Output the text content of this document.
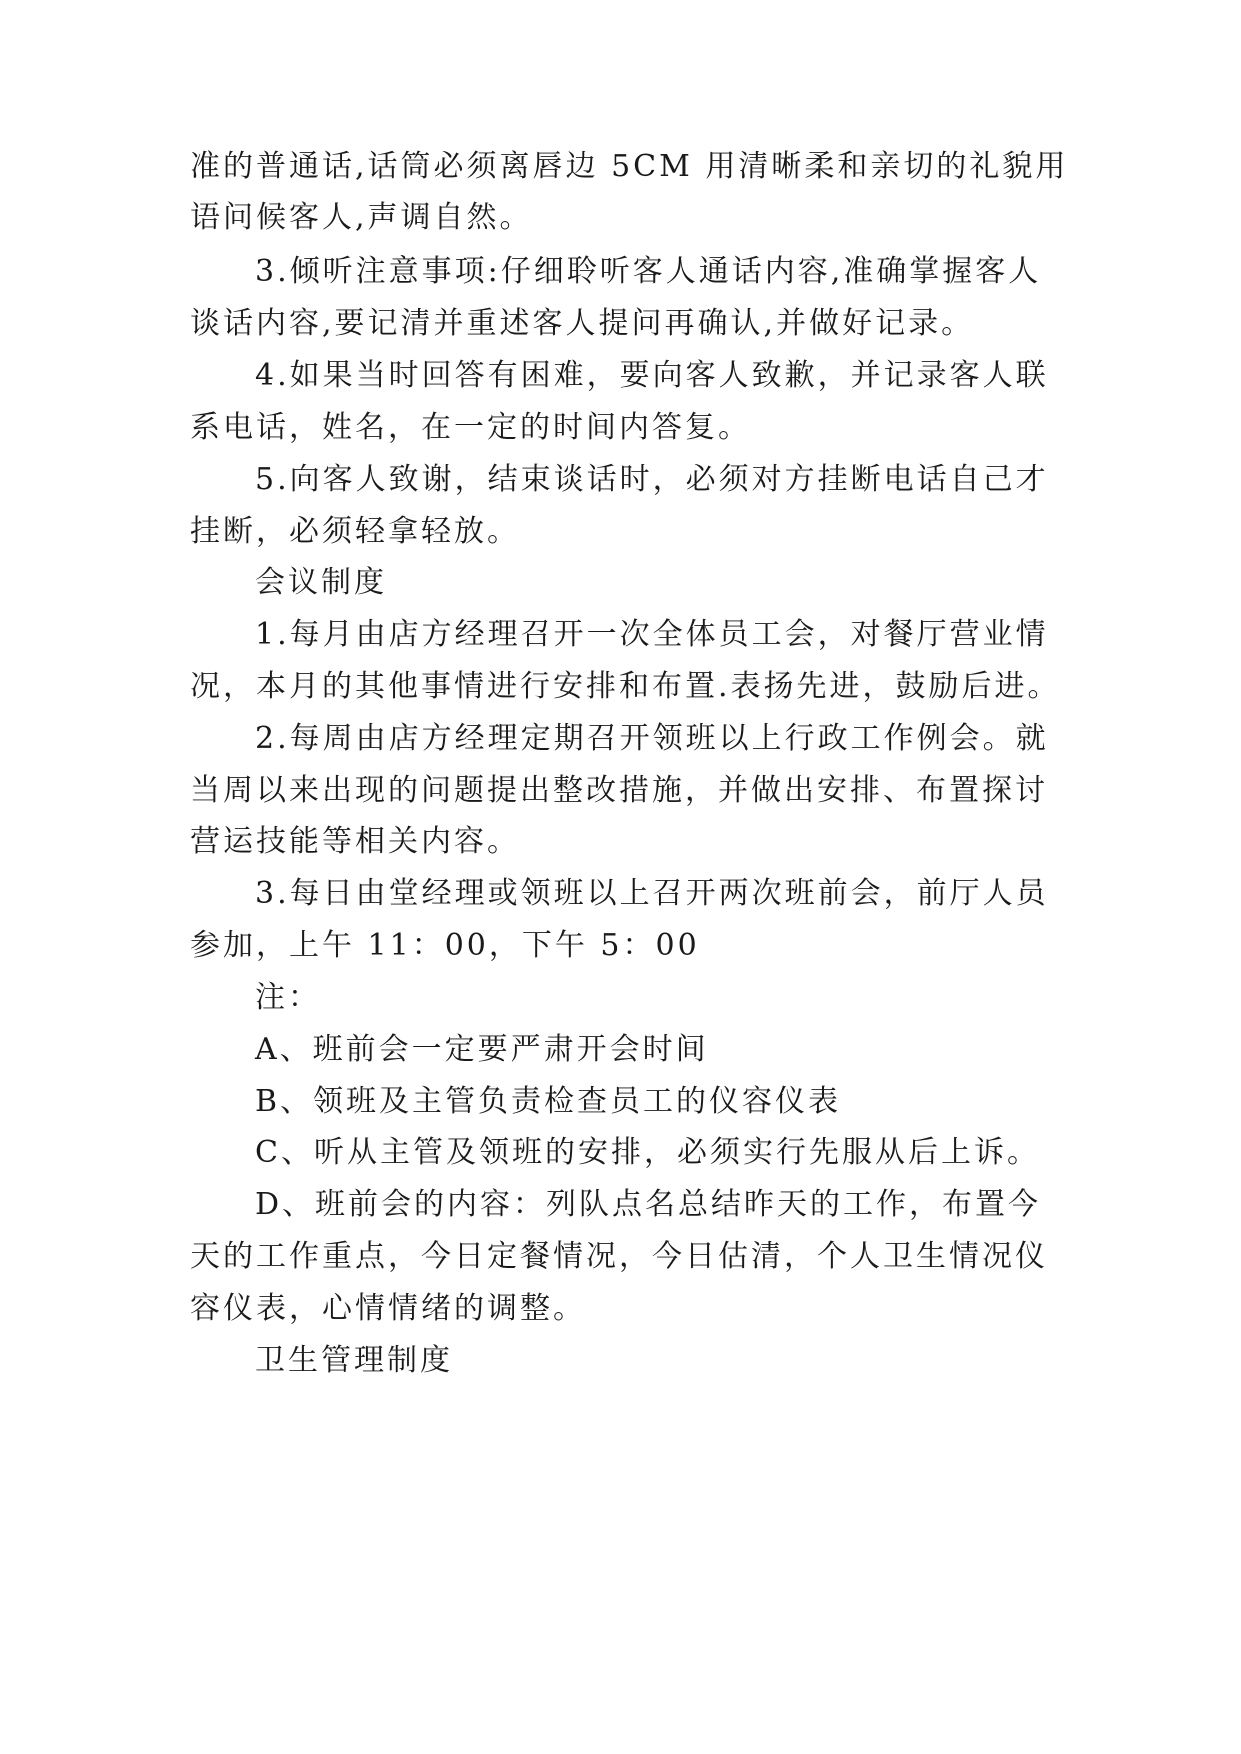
准的普通话,话筒必须离唇边 5CM 用清晰柔和亲切的礼貌用
语问候客人,声调自然。
3.倾听注意事项:仔细聆听客人通话内容,准确掌握客人
谈话内容,要记清并重述客人提问再确认,并做好记录。
4.如果当时回答有困难，要向客人致歉，并记录客人联
系电话，姓名，在一定的时间内答复。
5.向客人致谢，结束谈话时，必须对方挂断电话自己才
挂断，必须轻拿轻放。
会议制度
1.每月由店方经理召开一次全体员工会，对餐厅营业情
况，本月的其他事情进行安排和布置.表扬先进，鼓励后进。
2.每周由店方经理定期召开领班以上行政工作例会。就
当周以来出现的问题提出整改措施，并做出安排、布置探讨
营运技能等相关内容。
3.每日由堂经理或领班以上召开两次班前会，前厅人员
参加，上午 11：00，下午 5：00
注：
A、班前会一定要严肃开会时间
B、领班及主管负责检查员工的仪容仪表
C、听从主管及领班的安排，必须实行先服从后上诉。
D、班前会的内容：列队点名总结昨天的工作，布置今
天的工作重点，今日定餐情况，今日估清，个人卫生情况仪
容仪表，心情情绪的调整。
卫生管理制度
